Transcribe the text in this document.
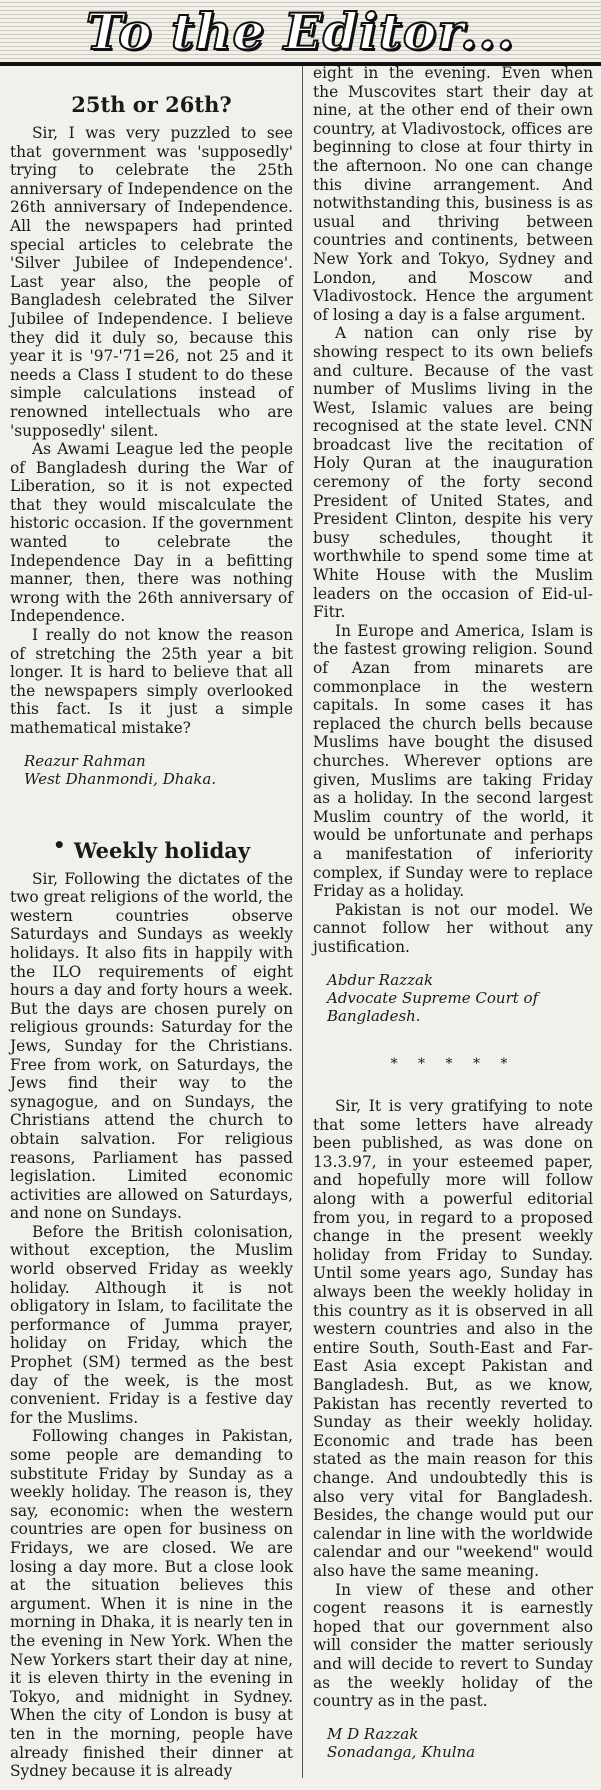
To the Editor...
25th or 26th?

Sir, I was very puzzled to see that government was 'supposedly' trying to celebrate the 25th anniversary of Independence on the 26th anniversary of Independence. All the newspapers had printed special articles to celebrate the 'Silver Jubilee of Independence'. Last year also, the people of Bangladesh celebrated the Silver Jubilee of Independence. I believe they did it duly so, because this year it is '97-'71=26, not 25 and it needs a Class I student to do these simple calculations instead of renowned intellectuals who are 'supposedly' silent.

As Awami League led the people of Bangladesh during the War of Liberation, so it is not expected that they would miscalculate the historic occasion. If the government wanted to celebrate the Independence Day in a befitting manner, then, there was nothing wrong with the 26th anniversary of Independence.

I really do not know the reason of stretching the 25th year a bit longer. It is hard to believe that all the newspapers simply overlooked this fact. Is it just a simple mathematical mistake?

Reazur Rahman
West Dhanmondi, Dhaka.
• Weekly holiday

Sir, Following the dictates of the two great religions of the world, the western countries observe Saturdays and Sundays as weekly holidays. It also fits in happily with the ILO requirements of eight hours a day and forty hours a week. But the days are chosen purely on religious grounds: Saturday for the Jews, Sunday for the Christians. Free from work, on Saturdays, the Jews find their way to the synagogue, and on Sundays, the Christians attend the church to obtain salvation. For religious reasons, Parliament has passed legislation. Limited economic activities are allowed on Saturdays, and none on Sundays.

Before the British colonisation, without exception, the Muslim world observed Friday as weekly holiday. Although it is not obligatory in Islam, to facilitate the performance of Jumma prayer, holiday on Friday, which the Prophet (SM) termed as the best day of the week, is the most convenient. Friday is a festive day for the Muslims.

Following changes in Pakistan, some people are demanding to substitute Friday by Sunday as a weekly holiday. The reason is, they say, economic: when the western countries are open for business on Fridays, we are closed. We are losing a day more. But a close look at the situation believes this argument. When it is nine in the morning in Dhaka, it is nearly ten in the evening in New York. When the New Yorkers start their day at nine, it is eleven thirty in the evening in Tokyo, and midnight in Sydney. When the city of London is busy at ten in the morning, people have already finished their dinner at Sydney because it is already

eight in the evening. Even when the Muscovites start their day at nine, at the other end of their own country, at Vladivostock, offices are beginning to close at four thirty in the afternoon. No one can change this divine arrangement. And notwithstanding this, business is as usual and thriving between countries and continents, between New York and Tokyo, Sydney and London, and Moscow and Vladivostock. Hence the argument of losing a day is a false argument.

A nation can only rise by showing respect to its own beliefs and culture. Because of the vast number of Muslims living in the West, Islamic values are being recognised at the state level. CNN broadcast live the recitation of Holy Quran at the inauguration ceremony of the forty second President of United States, and President Clinton, despite his very busy schedules, thought it worthwhile to spend some time at White House with the Muslim leaders on the occasion of Eid-ul-Fitr.

In Europe and America, Islam is the fastest growing religion. Sound of Azan from minarets are commonplace in the western capitals. In some cases it has replaced the church bells because Muslims have bought the disused churches. Wherever options are given, Muslims are taking Friday as a holiday. In the second largest Muslim country of the world, it would be unfortunate and perhaps a manifestation of inferiority complex, if Sunday were to replace Friday as a holiday.

Pakistan is not our model. We cannot follow her without any justification.

Abdur Razzak
Advocate Supreme Court of Bangladesh.
* * * * *

Sir, It is very gratifying to note that some letters have already been published, as was done on 13.3.97, in your esteemed paper, and hopefully more will follow along with a powerful editorial from you, in regard to a proposed change in the present weekly holiday from Friday to Sunday. Until some years ago, Sunday has always been the weekly holiday in this country as it is observed in all western countries and also in the entire South, South-East and Far-East Asia except Pakistan and Bangladesh. But, as we know, Pakistan has recently reverted to Sunday as their weekly holiday. Economic and trade has been stated as the main reason for this change. And undoubtedly this is also very vital for Bangladesh. Besides, the change would put our calendar in line with the worldwide calendar and our "weekend" would also have the same meaning.

In view of these and other cogent reasons it is earnestly hoped that our government also will consider the matter seriously and will decide to revert to Sunday as the weekly holiday of the country as in the past.

M D Razzak
Sonadanga, Khulna
